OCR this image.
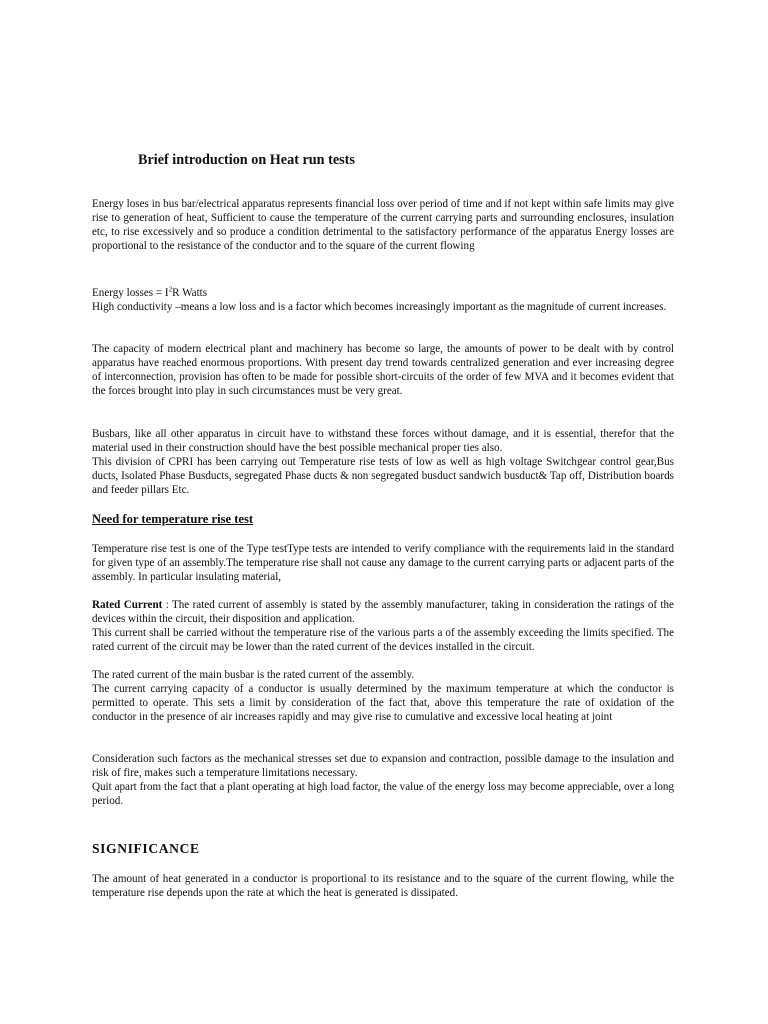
Brief introduction on Heat run tests

Energy loses in bus bar/electrical apparatus represents financial loss over period of time and if not kept within safe limits may give rise to generation of heat, Sufficient to cause the temperature of the current carrying parts and surrounding enclosures, insulation etc, to rise excessively and so produce a condition detrimental to the satisfactory performance of the apparatus Energy losses are proportional to the resistance of the conductor and to the square of the current flowing

Energy losses = $I^2R$ Watts

High conductivity –means a low loss and is a factor which becomes increasingly important as the magnitude of current increases.

The capacity of modern electrical plant and machinery has become so large, the amounts of power to be dealt with by control apparatus have reached enormous proportions. With present day trend towards centralized generation and ever increasing degree of interconnection, provision has often to be made for possible short-circuits of the order of few MVA and it becomes evident that the forces brought into play in such circumstances must be very great.

Busbars, like all other apparatus in circuit have to withstand these forces without damage, and it is essential, therefor that the material used in their construction should have the best possible mechanical proper ties also.

This division of CPRI has been carrying out Temperature rise tests of low as well as high voltage Switchgear control gear,Bus ducts, Isolated Phase Busducts, segregated Phase ducts & non segregated busduct sandwich busduct& Tap off, Distribution boards and feeder pillars Etc.

Need for temperature rise test

Temperature rise test is one of the Type testType tests are intended to verify compliance with the requirements laid in the standard for given type of an assembly.The temperature rise shall not cause any damage to the current carrying parts or adjacent parts of the assembly. In particular insulating material,

Rated Current : The rated current of assembly is stated by the assembly manufacturer, taking in consideration the ratings of the devices within the circuit, their disposition and application.

This current shall be carried without the temperature rise of the various parts a of the assembly exceeding the limits specified. The rated current of the circuit may be lower than the rated current of the devices installed in the circuit.

The rated current of the main busbar is the rated current of the assembly.

The current carrying capacity of a conductor is usually determined by the maximum temperature at which the conductor is permitted to operate. This sets a limit by consideration of the fact that, above this temperature the rate of oxidation of the conductor in the presence of air increases rapidly and may give rise to cumulative and excessive local heating at joint

Consideration such factors as the mechanical stresses set due to expansion and contraction, possible damage to the insulation and risk of fire, makes such a temperature limitations necessary.

Quit apart from the fact that a plant operating at high load factor, the value of the energy loss may become appreciable, over a long period.

SIGNIFICANCE

The amount of heat generated in a conductor is proportional to its resistance and to the square of the current flowing, while the temperature rise depends upon the rate at which the heat is generated is dissipated.
